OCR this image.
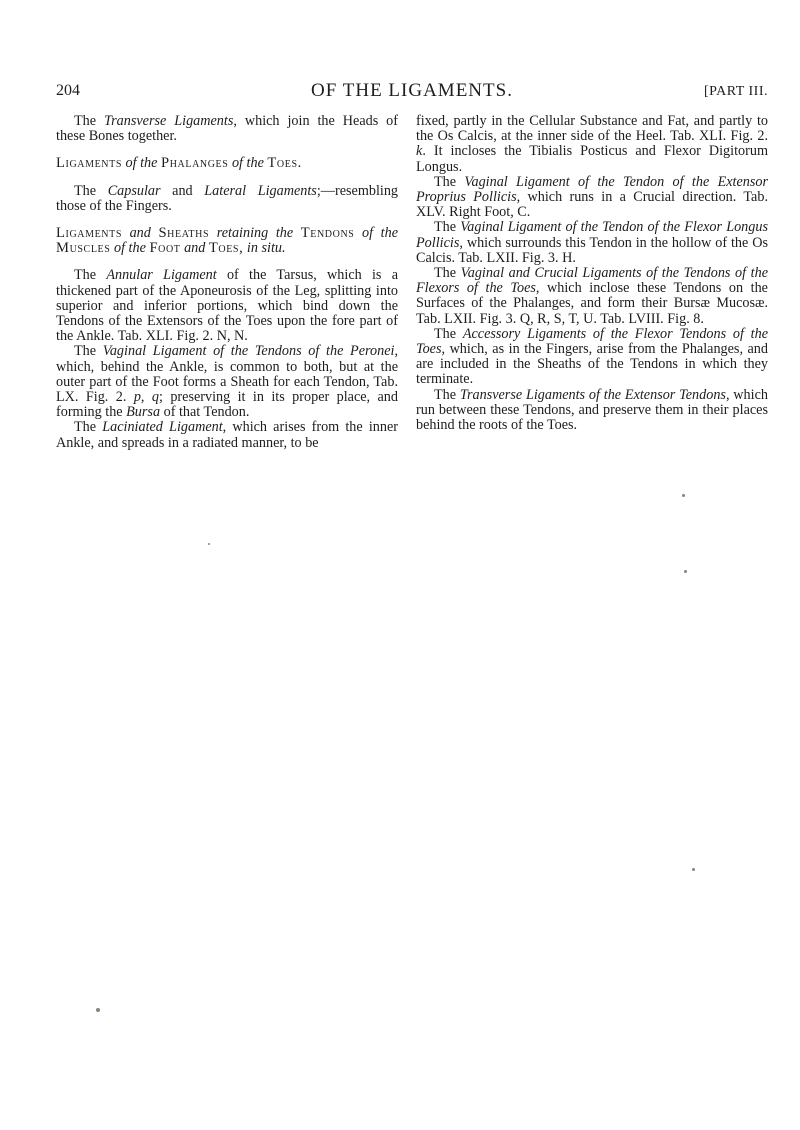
204	OF THE LIGAMENTS.	[PART III.

The Transverse Ligaments, which join the Heads of these Bones together.

Ligaments of the Phalanges of the Toes.

The Capsular and Lateral Ligaments;—resembling those of the Fingers.

Ligaments and Sheaths retaining the Tendons of the Muscles of the Foot and Toes, in situ.

The Annular Ligament of the Tarsus, which is a thickened part of the Aponeurosis of the Leg, splitting into superior and inferior portions, which bind down the Tendons of the Extensors of the Toes upon the fore part of the Ankle. Tab. XLI. Fig. 2. N, N.

The Vaginal Ligament of the Tendons of the Peronei, which, behind the Ankle, is common to both, but at the outer part of the Foot forms a Sheath for each Tendon, Tab. LX. Fig. 2. p, q; preserving it in its proper place, and forming the Bursa of that Tendon.

The Laciniated Ligament, which arises from the inner Ankle, and spreads in a radiated manner, to be

fixed, partly in the Cellular Substance and Fat, and partly to the Os Calcis, at the inner side of the Heel. Tab. XLI. Fig. 2. k. It incloses the Tibialis Posticus and Flexor Digitorum Longus.

The Vaginal Ligament of the Tendon of the Extensor Proprius Pollicis, which runs in a Crucial direction. Tab. XLV. Right Foot, C.

The Vaginal Ligament of the Tendon of the Flexor Longus Pollicis, which surrounds this Tendon in the hollow of the Os Calcis. Tab. LXII. Fig. 3. H.

The Vaginal and Crucial Ligaments of the Tendons of the Flexors of the Toes, which inclose these Tendons on the Surfaces of the Phalanges, and form their Bursæ Mucosæ. Tab. LXII. Fig. 3. Q, R, S, T, U. Tab. LVIII. Fig. 8.

The Accessory Ligaments of the Flexor Tendons of the Toes, which, as in the Fingers, arise from the Phalanges, and are included in the Sheaths of the Tendons in which they terminate.

The Transverse Ligaments of the Extensor Tendons, which run between these Tendons, and preserve them in their places behind the roots of the Toes.
